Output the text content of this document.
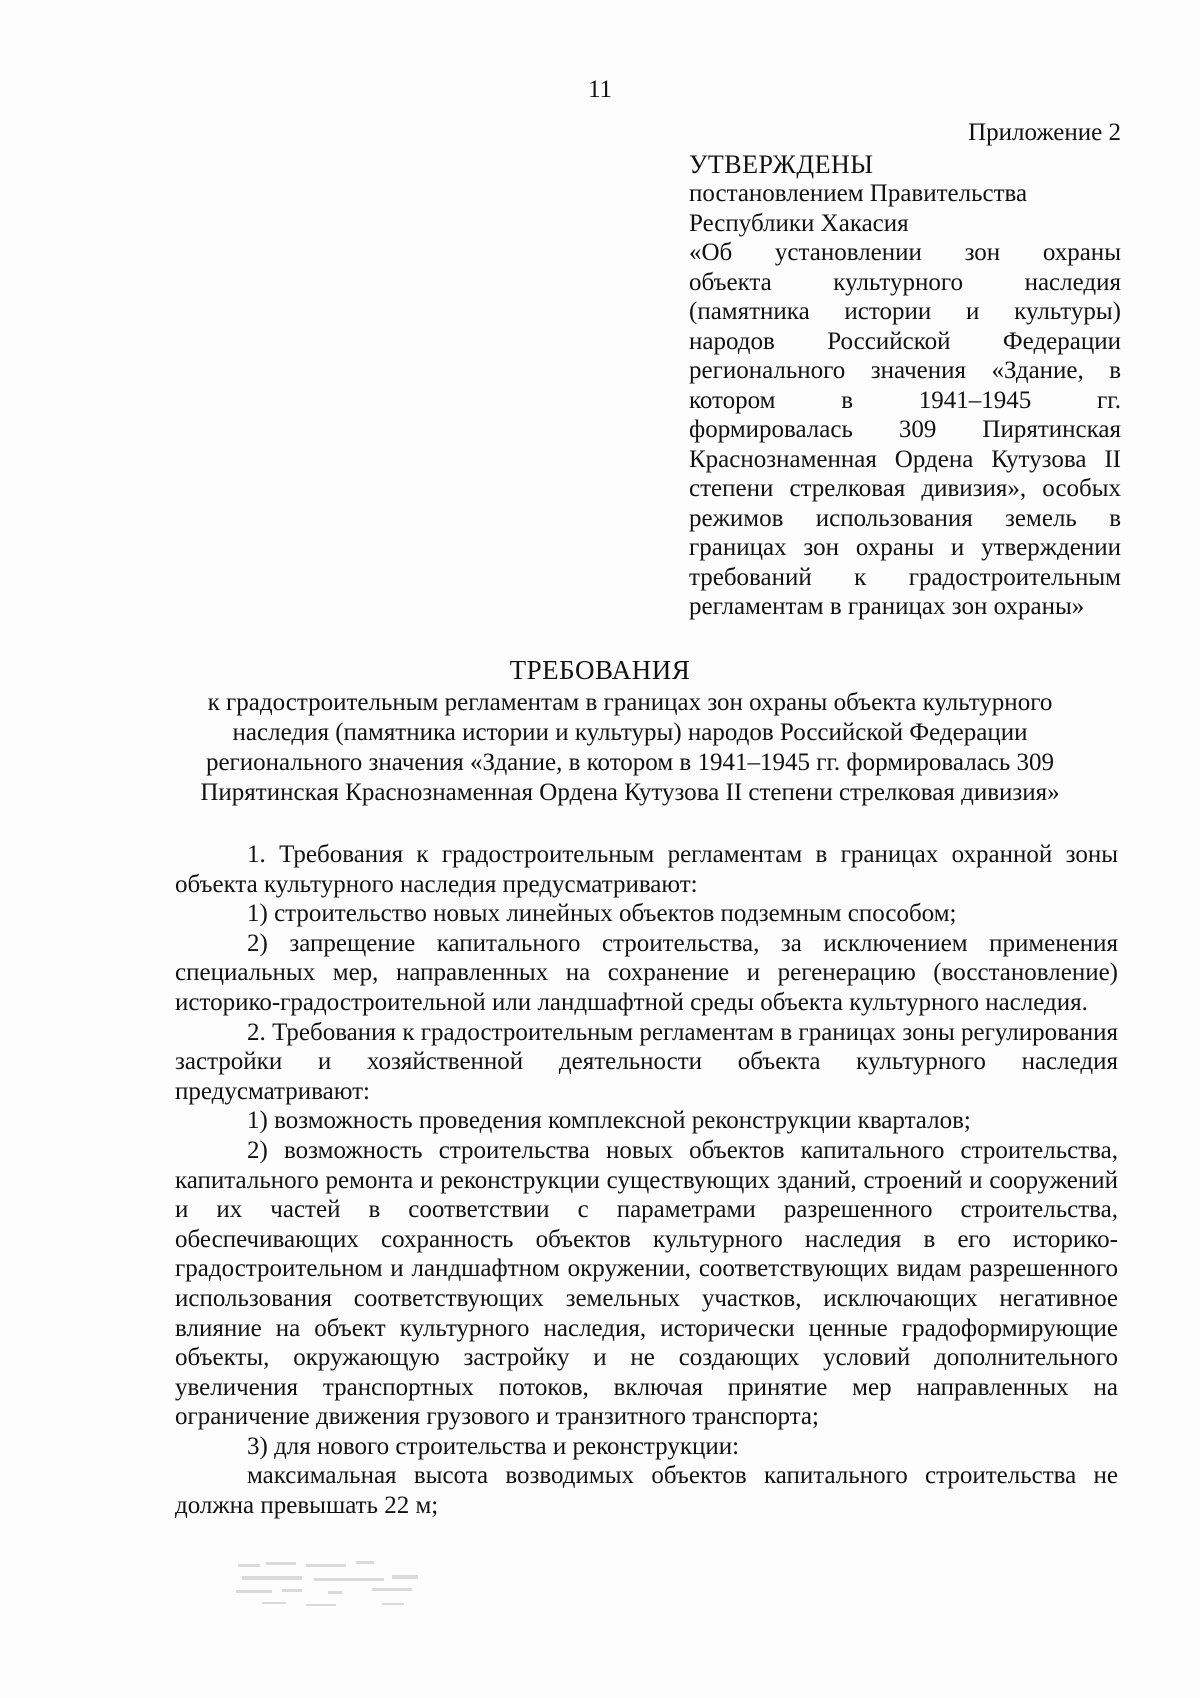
11
Приложение 2
УТВЕРЖДЕНЫ

постановлением Правительства

Республики Хакасия

«Об установлении зон охраны

объекта культурного наследия

(памятника истории и культуры)

народов Российской Федерации

регионального значения «Здание, в

котором в 1941–1945 гг.

формировалась 309 Пирятинская

Краснознаменная Ордена Кутузова II

степени стрелковая дивизия», особых

режимов использования земель в

границах зон охраны и утверждении

требований к градостроительным

регламентам в границах зон охраны»

ТРЕБОВАНИЯ
к градостроительным регламентам в границах зон охраны объекта культурного
наследия (памятника истории и культуры) народов Российской Федерации
регионального значения «Здание, в котором в 1941–1945 гг. формировалась 309
Пирятинская Краснознаменная Ордена Кутузова II степени стрелковая дивизия»

1. Требования к градостроительным регламентам в границах охранной зоны объекта культурного наследия предусматривают:

1) строительство новых линейных объектов подземным способом;

2) запрещение капитального строительства, за исключением применения специальных мер, направленных на сохранение и регенерацию (восстановление) историко-градостроительной или ландшафтной среды объекта культурного наследия.

2. Требования к градостроительным регламентам в границах зоны регулирования застройки и хозяйственной деятельности объекта культурного наследия предусматривают:

1) возможность проведения комплексной реконструкции кварталов;

2) возможность строительства новых объектов капитального строительства, капитального ремонта и реконструкции существующих зданий, строений и сооружений и их частей в соответствии с параметрами разрешенного строительства, обеспечивающих сохранность объектов культурного наследия в его историко-градостроительном и ландшафтном окружении, соответствующих видам разрешенного использования соответствующих земельных участков, исключающих негативное влияние на объект культурного наследия, исторически ценные градоформирующие объекты, окружающую застройку и не создающих условий дополнительного увеличения транспортных потоков, включая принятие мер направленных на ограничение движения грузового и транзитного транспорта;

3) для нового строительства и реконструкции:

максимальная высота возводимых объектов капитального строительства не должна превышать 22 м;
